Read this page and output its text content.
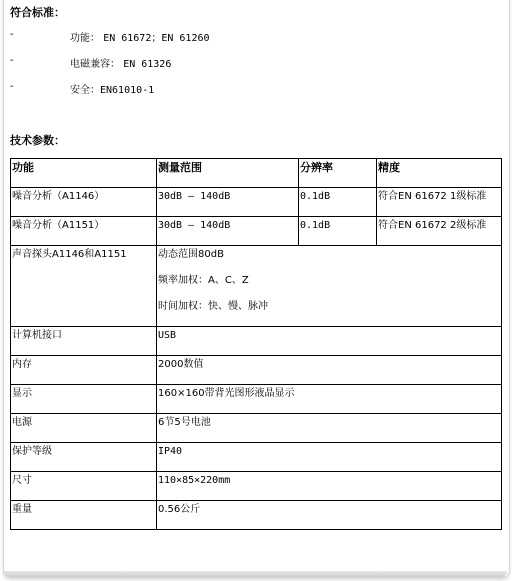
符合标准：
-	功能： EN 61672；EN 61260
-	电磁兼容： EN 61326
-	安全：EN61010-1
技术参数：
功能	测量范围	分辨率	精度
噪音分析（A1146）	30dB — 140dB	0.1dB	符合EN 61672 1级标准
噪音分析（A1151）	30dB — 140dB	0.1dB	符合EN 61672 2级标准
声音探头A1146和A1151	动态范围80dB
频率加权：A、C、Z
时间加权：快、慢、脉冲		

计算机接口	USB		
内存	2000数值		
显示	160×160带背光图形液晶显示		
电源	6节5号电池		
保护等级	IP40		
尺寸	110×85×220mm		
重量	0.56公斤		
